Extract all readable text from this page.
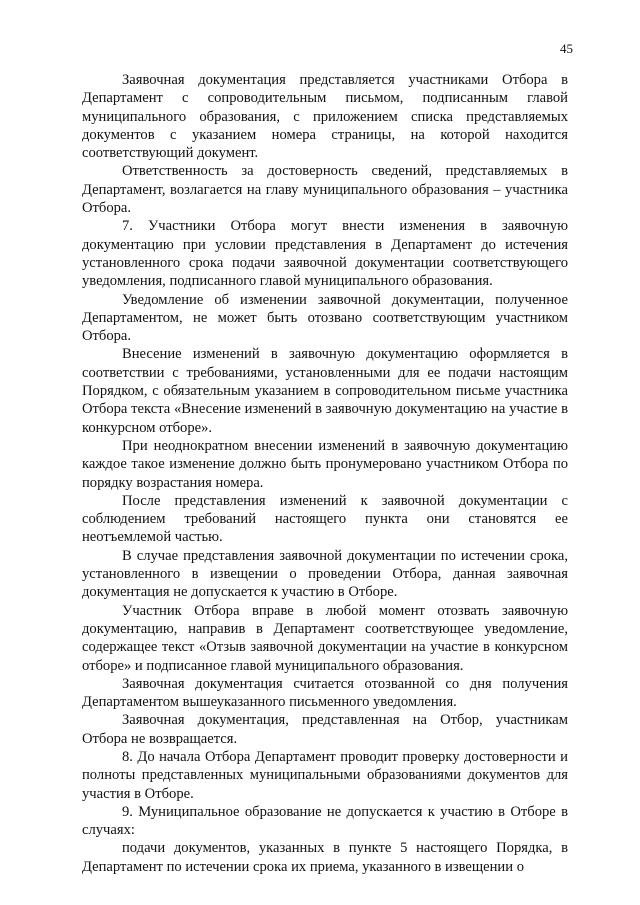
45

Заявочная документация представляется участниками Отбора в Департамент с сопроводительным письмом, подписанным главой муниципального образования, с приложением списка представляемых документов с указанием номера страницы, на которой находится соответствующий документ.

Ответственность за достоверность сведений, представляемых в Департамент, возлагается на главу муниципального образования – участника Отбора.

7. Участники Отбора могут внести изменения в заявочную документацию при условии представления в Департамент до истечения установленного срока подачи заявочной документации соответствующего уведомления, подписанного главой муниципального образования.

Уведомление об изменении заявочной документации, полученное Департаментом, не может быть отозвано соответствующим участником Отбора.

Внесение изменений в заявочную документацию оформляется в соответствии с требованиями, установленными для ее подачи настоящим Порядком, с обязательным указанием в сопроводительном письме участника Отбора текста «Внесение изменений в заявочную документацию на участие в конкурсном отборе».

При неоднократном внесении изменений в заявочную документацию каждое такое изменение должно быть пронумеровано участником Отбора по порядку возрастания номера.

После представления изменений к заявочной документации с соблюдением требований настоящего пункта они становятся ее неотъемлемой частью.

В случае представления заявочной документации по истечении срока, установленного в извещении о проведении Отбора, данная заявочная документация не допускается к участию в Отборе.

Участник Отбора вправе в любой момент отозвать заявочную документацию, направив в Департамент соответствующее уведомление, содержащее текст «Отзыв заявочной документации на участие в конкурсном отборе» и подписанное главой муниципального образования.

Заявочная документация считается отозванной со дня получения Департаментом вышеуказанного письменного уведомления.

Заявочная документация, представленная на Отбор, участникам Отбора не возвращается.

8. До начала Отбора Департамент проводит проверку достоверности и полноты представленных муниципальными образованиями документов для участия в Отборе.

9. Муниципальное образование не допускается к участию в Отборе в случаях:

подачи документов, указанных в пункте 5 настоящего Порядка, в Департамент по истечении срока их приема, указанного в извещении о
